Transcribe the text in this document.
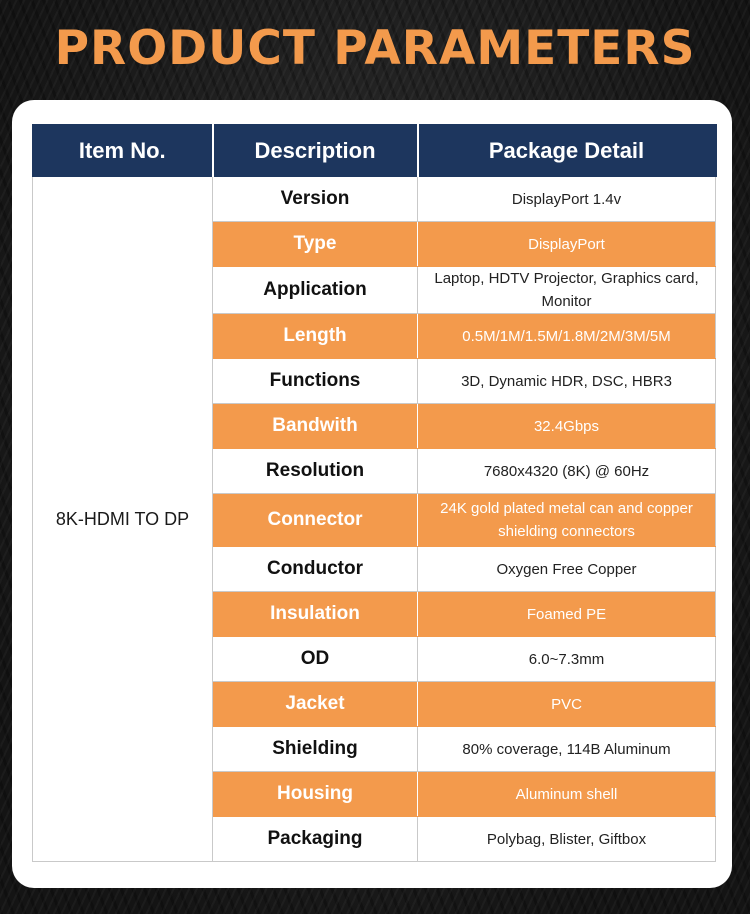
PRODUCT PARAMETERS
Item No.	Description	Package Detail
8K-HDMI TO DP	Version	DisplayPort 1.4v
	Type	DisplayPort
	Application	Laptop, HDTV Projector, Graphics card, Monitor
	Length	0.5M/1M/1.5M/1.8M/2M/3M/5M
	Functions	3D, Dynamic HDR, DSC, HBR3
	Bandwith	32.4Gbps
	Resolution	7680x4320 (8K) @ 60Hz
	Connector	24K gold plated metal can and copper shielding connectors
	Conductor	Oxygen Free Copper
	Insulation	Foamed PE
	OD	6.0~7.3mm
	Jacket	PVC
	Shielding	80% coverage, 114B Aluminum
	Housing	Aluminum shell
	Packaging	Polybag, Blister, Giftbox
